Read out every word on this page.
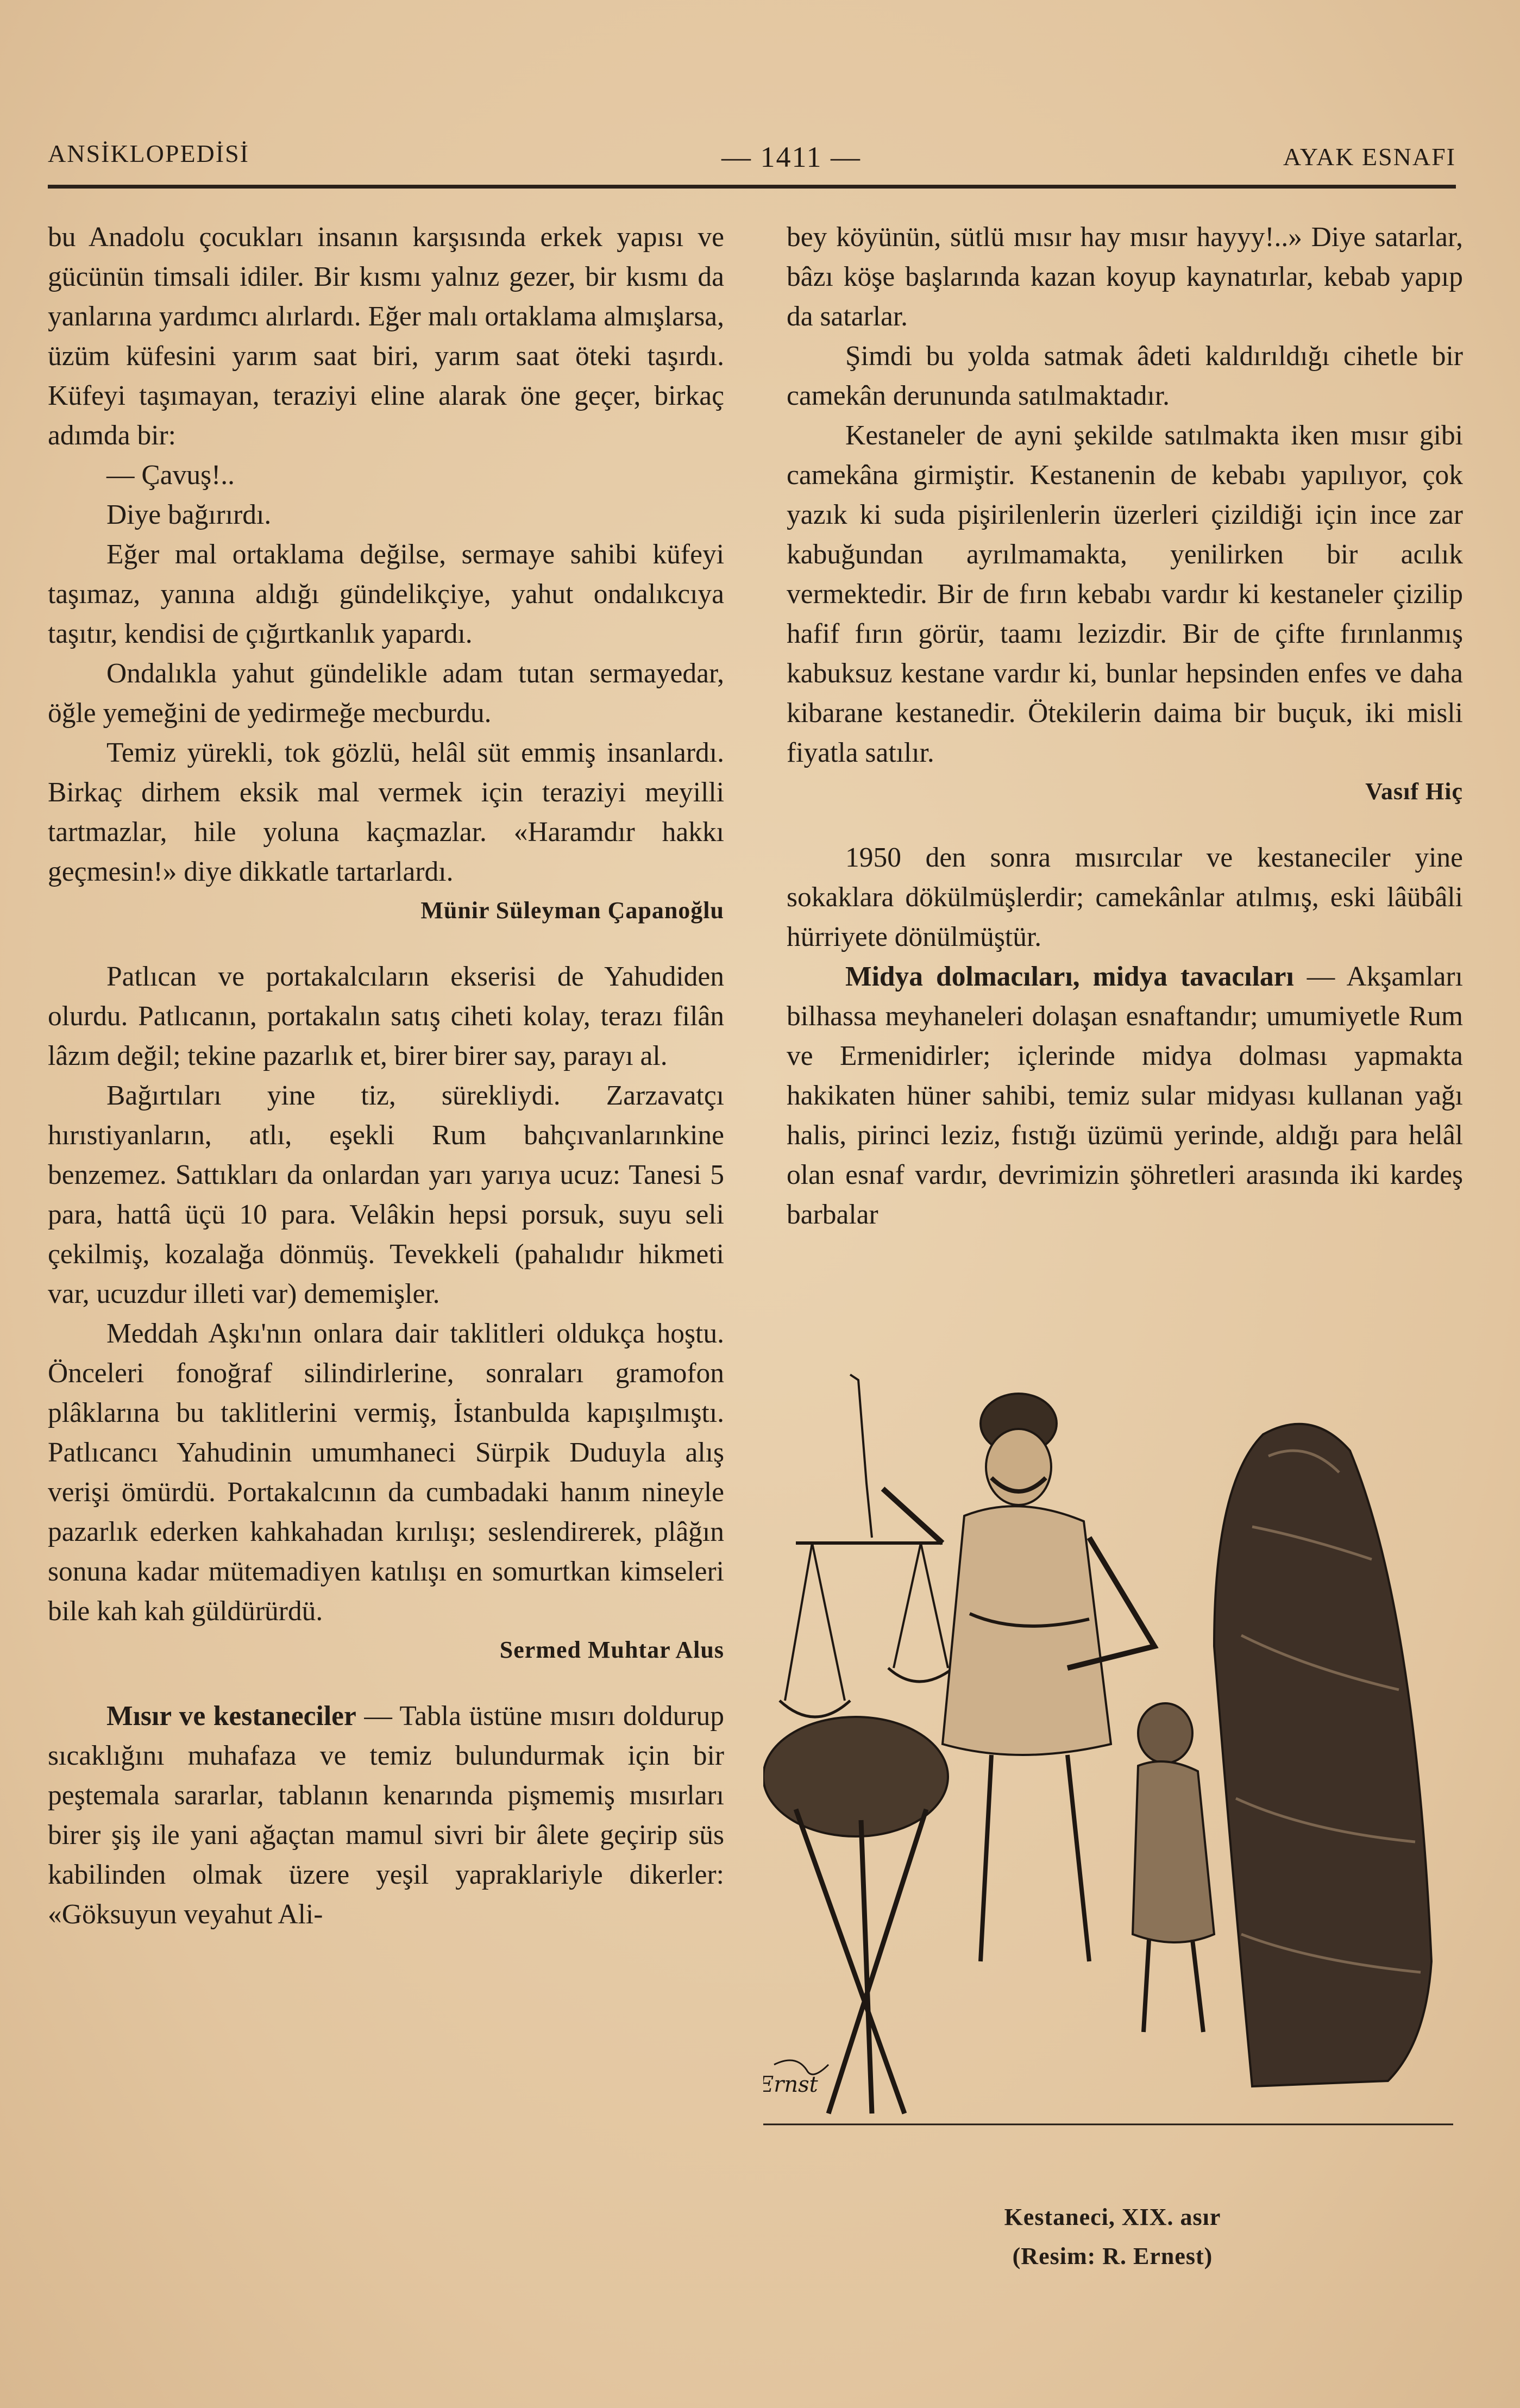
ANSİKLOPEDİSİ	— 1411 —	AYAK ESNAFI

bu Anadolu çocukları insanın karşısında erkek yapısı ve gücünün timsali idiler. Bir kısmı yalnız gezer, bir kısmı da yanlarına yardımcı alırlardı. Eğer malı ortaklama almışlarsa, üzüm küfesini yarım saat biri, yarım saat öteki taşırdı. Küfeyi taşımayan, teraziyi eline alarak öne geçer, birkaç adımda bir:

— Çavuş!..

Diye bağırırdı.

Eğer mal ortaklama değilse, sermaye sahibi küfeyi taşımaz, yanına aldığı gündelikçiye, yahut ondalıkcıya taşıtır, kendisi de çığırtkanlık yapardı.

Ondalıkla yahut gündelikle adam tutan sermayedar, öğle yemeğini de yedirmeğe mecburdu.

Temiz yürekli, tok gözlü, helâl süt emmiş insanlardı. Birkaç dirhem eksik mal vermek için teraziyi meyilli tartmazlar, hile yoluna kaçmazlar. «Haramdır hakkı geçmesin!» diye dikkatle tartarlardı.

Münir Süleyman Çapanoğlu

Patlıcan ve portakalcıların ekserisi de Yahudiden olurdu. Patlıcanın, portakalın satış ciheti kolay, terazı filân lâzım değil; tekine pazarlık et, birer birer say, parayı al.

Bağırtıları yine tiz, sürekliydi. Zarzavatçı hırıstiyanların, atlı, eşekli Rum bahçıvanlarınkine benzemez. Sattıkları da onlardan yarı yarıya ucuz: Tanesi 5 para, hattâ üçü 10 para. Velâkin hepsi porsuk, suyu seli çekilmiş, kozalağa dönmüş. Tevekkeli (pahalıdır hikmeti var, ucuzdur illeti var) dememişler.

Meddah Aşkı'nın onlara dair taklitleri oldukça hoştu. Önceleri fonoğraf silindirlerine, sonraları gramofon plâklarına bu taklitlerini vermiş, İstanbulda kapışılmıştı. Patlıcancı Yahudinin umumhaneci Sürpik Duduyla alış verişi ömürdü. Portakalcının da cumbadaki hanım nineyle pazarlık ederken kahkahadan kırılışı; seslendirerek, plâğın sonuna kadar mütemadiyen katılışı en somurtkan kimseleri bile kah kah güldürürdü.

Sermed Muhtar Alus

Mısır ve kestaneciler — Tabla üstüne mısırı doldurup sıcaklığını muhafaza ve temiz bulundurmak için bir peştemala sararlar, tablanın kenarında pişmemiş mısırları birer şiş ile yani ağaçtan mamul sivri bir âlete geçirip süs kabilinden olmak üzere yeşil yapraklariyle dikerler: «Göksuyun veyahut Ali-

bey köyünün, sütlü mısır hay mısır hayyy!..» Diye satarlar, bâzı köşe başlarında kazan koyup kaynatırlar, kebab yapıp da satarlar.

Şimdi bu yolda satmak âdeti kaldırıldığı cihetle bir camekân derununda satılmaktadır.

Kestaneler de ayni şekilde satılmakta iken mısır gibi camekâna girmiştir. Kestanenin de kebabı yapılıyor, çok yazık ki suda pişirilenlerin üzerleri çizildiği için ince zar kabuğundan ayrılmamakta, yenilirken bir acılık vermektedir. Bir de fırın kebabı vardır ki kestaneler çizilip hafif fırın görür, taamı lezizdir. Bir de çifte fırınlanmış kabuksuz kestane vardır ki, bunlar hepsinden enfes ve daha kibarane kestanedir. Ötekilerin daima bir buçuk, iki misli fiyatla satılır.

Vasıf Hiç

1950 den sonra mısırcılar ve kestaneciler yine sokaklara dökülmüşlerdir; camekânlar atılmış, eski lâübâli hürriyete dönülmüştür.

Midya dolmacıları, midya tavacıları — Akşamları bilhassa meyhaneleri dolaşan esnaftandır; umumiyetle Rum ve Ermenidirler; içlerinde midya dolması yapmakta hakikaten hüner sahibi, temiz sular midyası kullanan yağı halis, pirinci leziz, fıstığı üzümü yerinde, aldığı para helâl olan esnaf vardır, devrimizin şöhretleri arasında iki kardeş barbalar

Ernst
Kestaneci, XIX. asır
(Resim: R. Ernest)
